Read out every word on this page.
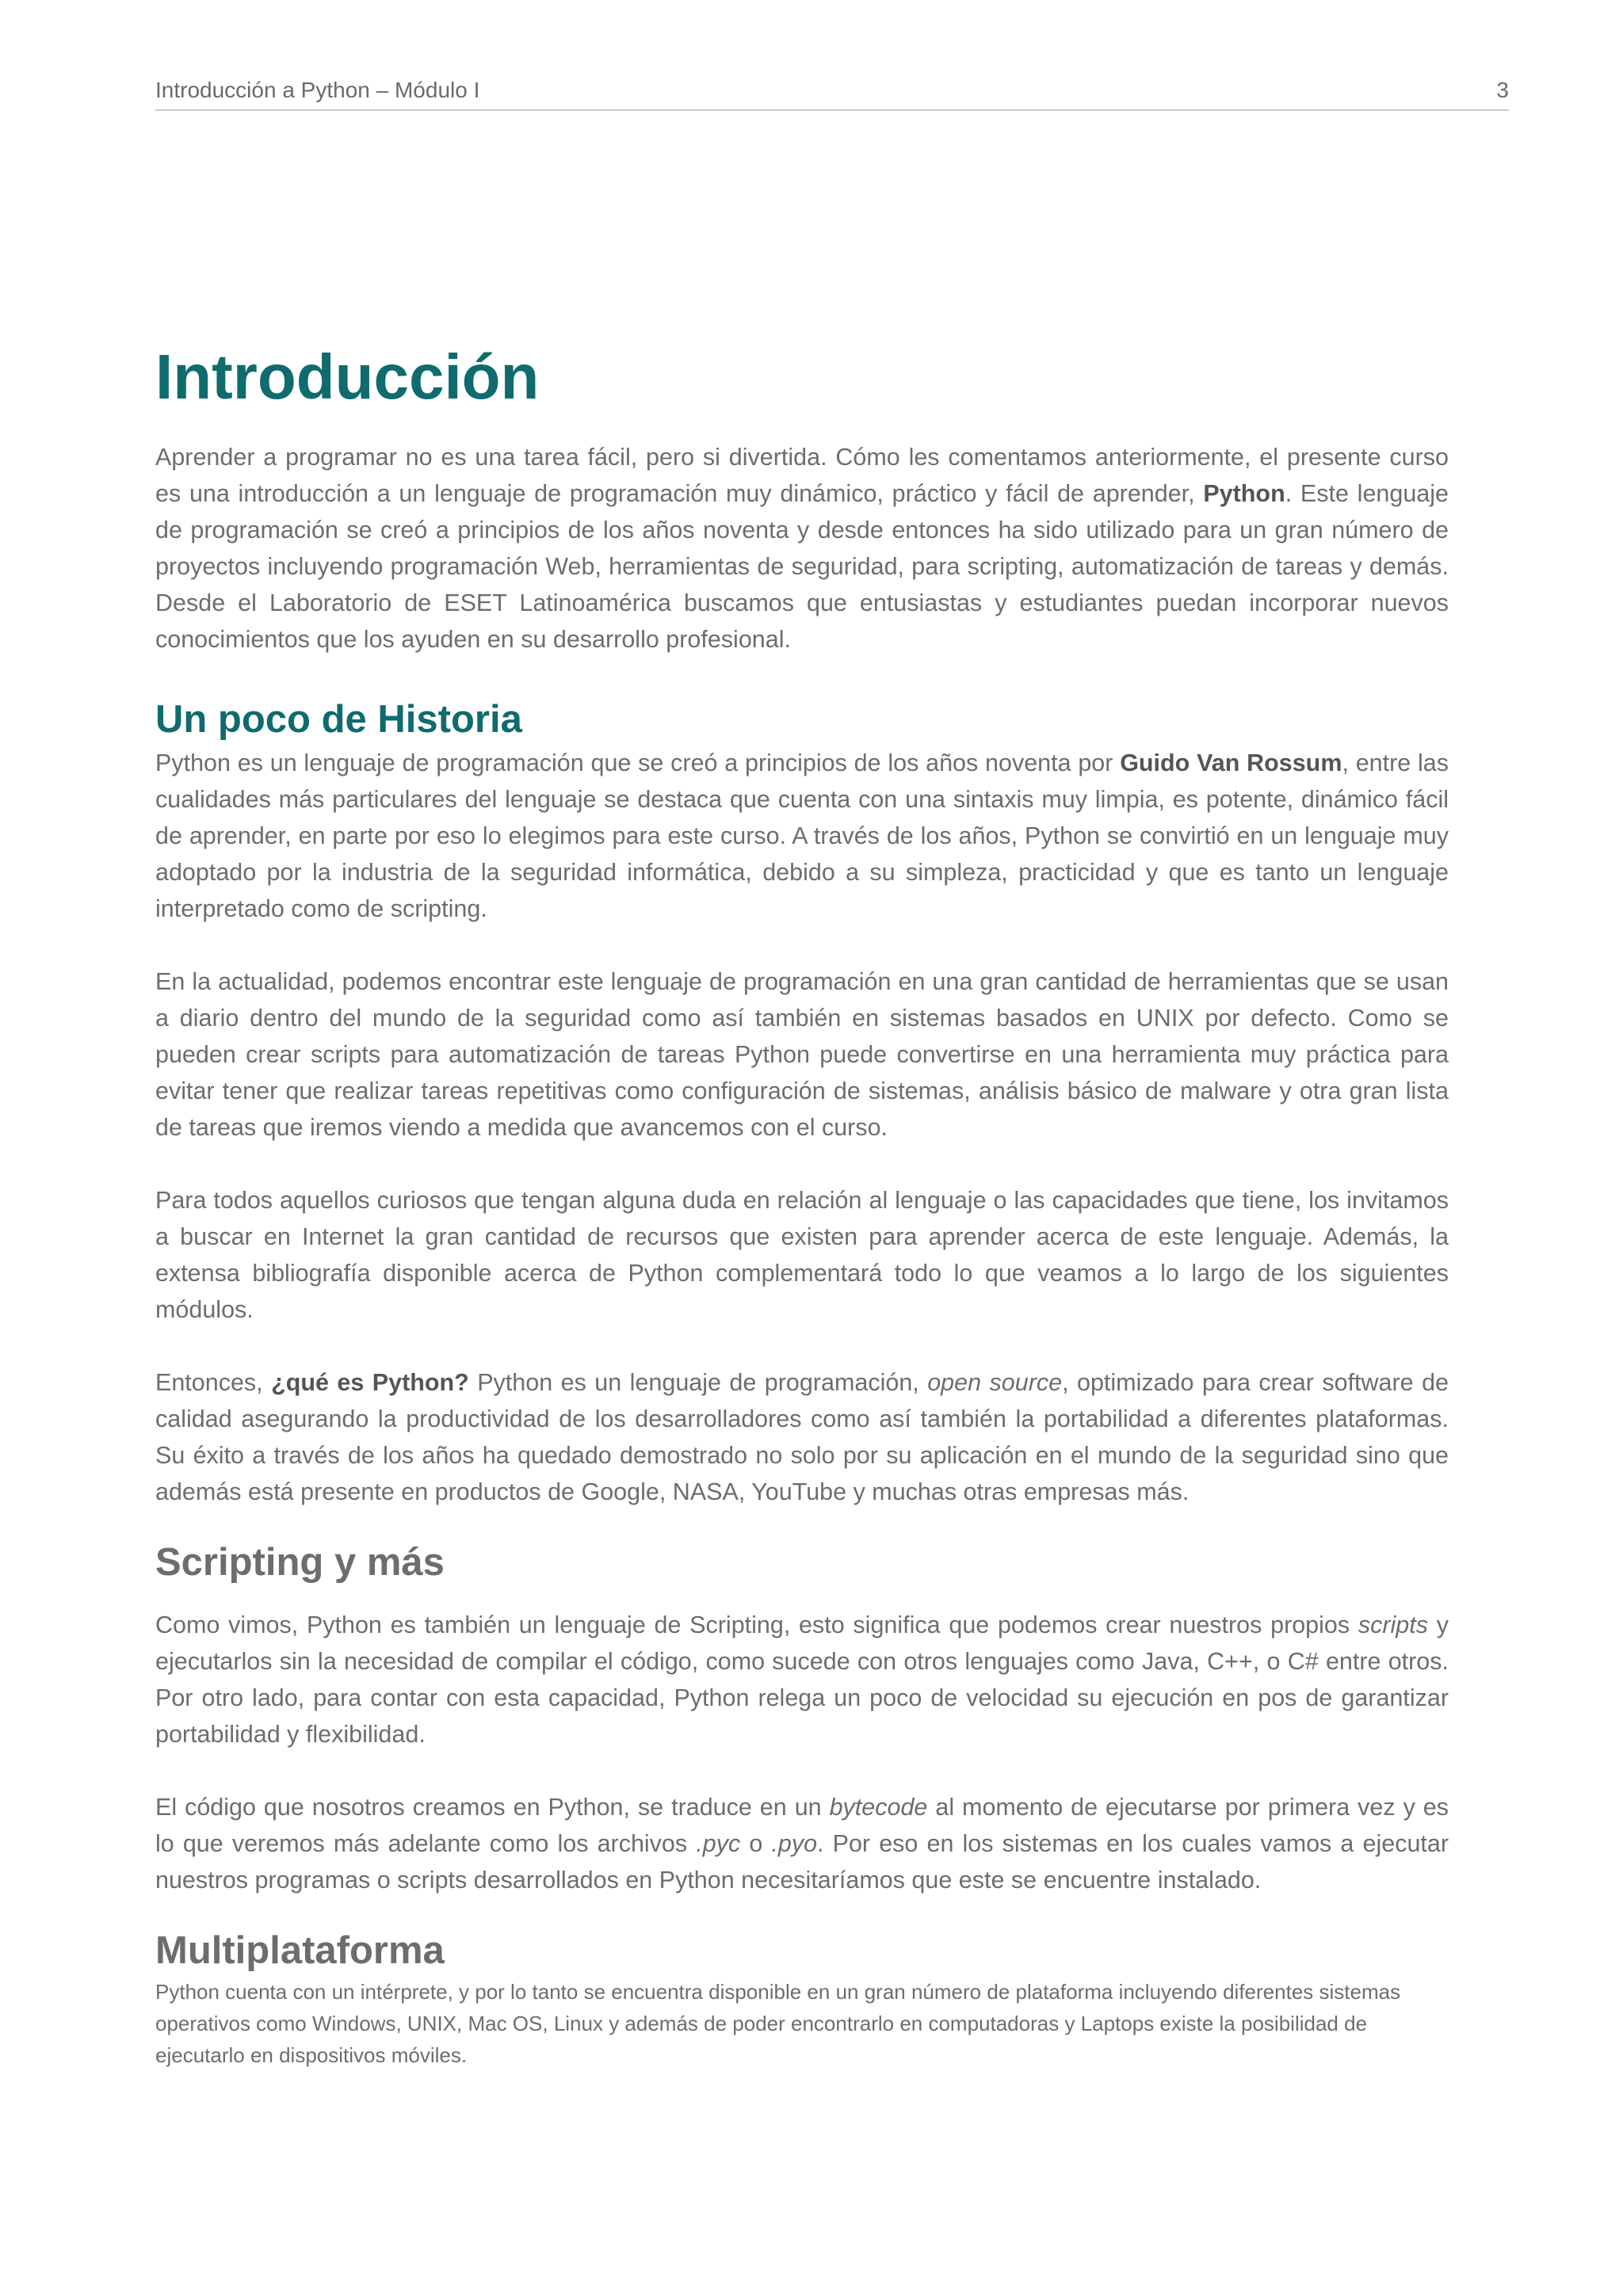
Introducción a Python – Módulo I	3
Introducción

Aprender a programar no es una tarea fácil, pero si divertida. Cómo les comentamos anteriormente, el presente curso es una introducción a un lenguaje de programación muy dinámico, práctico y fácil de aprender, Python. Este lenguaje de programación se creó a principios de los años noventa y desde entonces ha sido utilizado para un gran número de proyectos incluyendo programación Web, herramientas de seguridad, para scripting, automatización de tareas y demás. Desde el Laboratorio de ESET Latinoamérica buscamos que entusiastas y estudiantes puedan incorporar nuevos conocimientos que los ayuden en su desarrollo profesional.

Un poco de Historia

Python es un lenguaje de programación que se creó a principios de los años noventa por Guido Van Rossum, entre las cualidades más particulares del lenguaje se destaca que cuenta con una sintaxis muy limpia, es potente, dinámico fácil de aprender, en parte por eso lo elegimos para este curso. A través de los años, Python se convirtió en un lenguaje muy adoptado por la industria de la seguridad informática, debido a su simpleza, practicidad y que es tanto un lenguaje interpretado como de scripting.

En la actualidad, podemos encontrar este lenguaje de programación en una gran cantidad de herramientas que se usan a diario dentro del mundo de la seguridad como así también en sistemas basados en UNIX por defecto. Como se pueden crear scripts para automatización de tareas Python puede convertirse en una herramienta muy práctica para evitar tener que realizar tareas repetitivas como configuración de sistemas, análisis básico de malware y otra gran lista de tareas que iremos viendo a medida que avancemos con el curso.

Para todos aquellos curiosos que tengan alguna duda en relación al lenguaje o las capacidades que tiene, los invitamos a buscar en Internet la gran cantidad de recursos que existen para aprender acerca de este lenguaje. Además, la extensa bibliografía disponible acerca de Python complementará todo lo que veamos a lo largo de los siguientes módulos.

Entonces, ¿qué es Python? Python es un lenguaje de programación, open source, optimizado para crear software de calidad asegurando la productividad de los desarrolladores como así también la portabilidad a diferentes plataformas. Su éxito a través de los años ha quedado demostrado no solo por su aplicación en el mundo de la seguridad sino que además está presente en productos de Google, NASA, YouTube y muchas otras empresas más.

Scripting y más

Como vimos, Python es también un lenguaje de Scripting, esto significa que podemos crear nuestros propios scripts y ejecutarlos sin la necesidad de compilar el código, como sucede con otros lenguajes como Java, C++, o C# entre otros. Por otro lado, para contar con esta capacidad, Python relega un poco de velocidad su ejecución en pos de garantizar portabilidad y flexibilidad.

El código que nosotros creamos en Python, se traduce en un bytecode al momento de ejecutarse por primera vez y es lo que veremos más adelante como los archivos .pyc o .pyo. Por eso en los sistemas en los cuales vamos a ejecutar nuestros programas o scripts desarrollados en Python necesitaríamos que este se encuentre instalado.

Multiplataforma

Python cuenta con un intérprete, y por lo tanto se encuentra disponible en un gran número de plataforma incluyendo diferentes sistemas operativos como Windows, UNIX, Mac OS, Linux y además de poder encontrarlo en computadoras y Laptops existe la posibilidad de ejecutarlo en dispositivos móviles.
